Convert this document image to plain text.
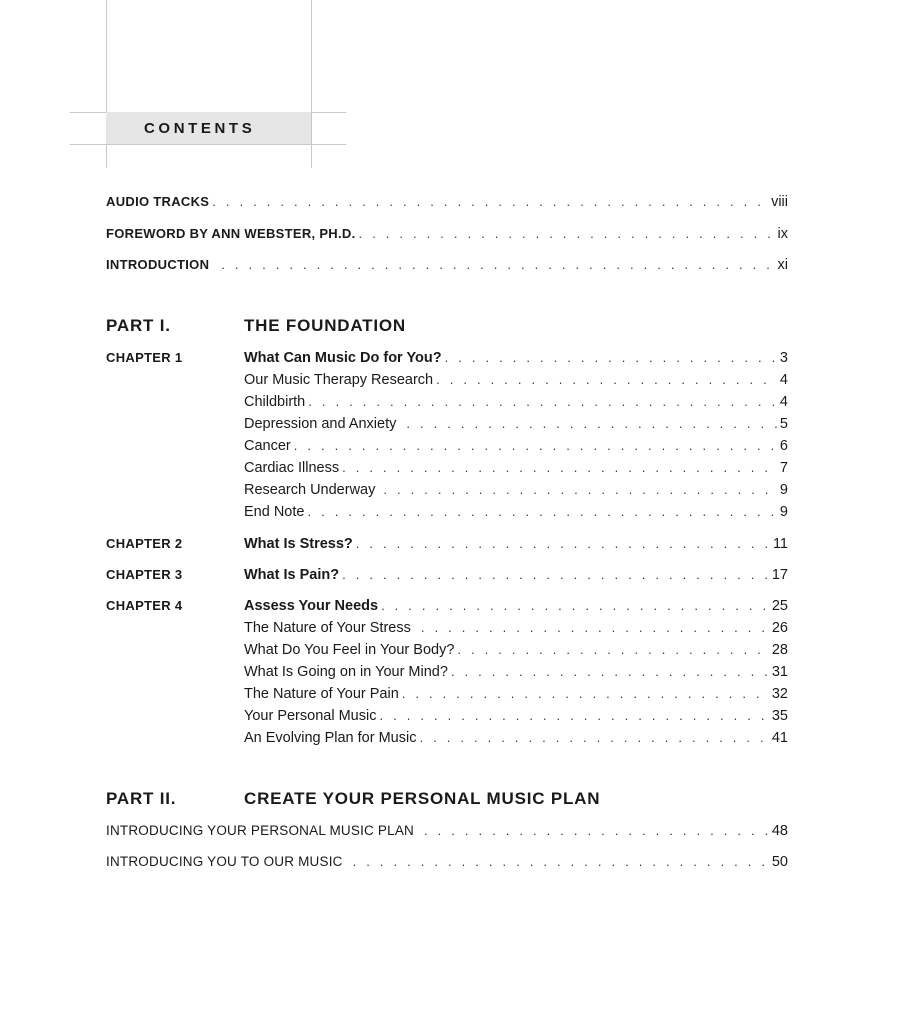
CONTENTS
AUDIO TRACKS . . .	viii
FOREWORD BY ANN WEBSTER, PH.D. . . .	ix
INTRODUCTION . . .	xi
PART I.	THE FOUNDATION
CHAPTER 1	What Can Music Do for You? . . .	3
Our Music Therapy Research . . .	4
Childbirth . . .	4
Depression and Anxiety . . .	5
Cancer . . .	6
Cardiac Illness . . .	7
Research Underway . . .	9
End Note . . .	9
CHAPTER 2	What Is Stress? . . .	11
CHAPTER 3	What Is Pain? . . .	17
CHAPTER 4	Assess Your Needs . . .	25
The Nature of Your Stress . . .	26
What Do You Feel in Your Body? . . .	28
What Is Going on in Your Mind? . . .	31
The Nature of Your Pain . . .	32
Your Personal Music . . .	35
An Evolving Plan for Music . . .	41
PART II.	CREATE YOUR PERSONAL MUSIC PLAN
INTRODUCING YOUR PERSONAL MUSIC PLAN . . .	48
INTRODUCING YOU TO OUR MUSIC . . .	50
